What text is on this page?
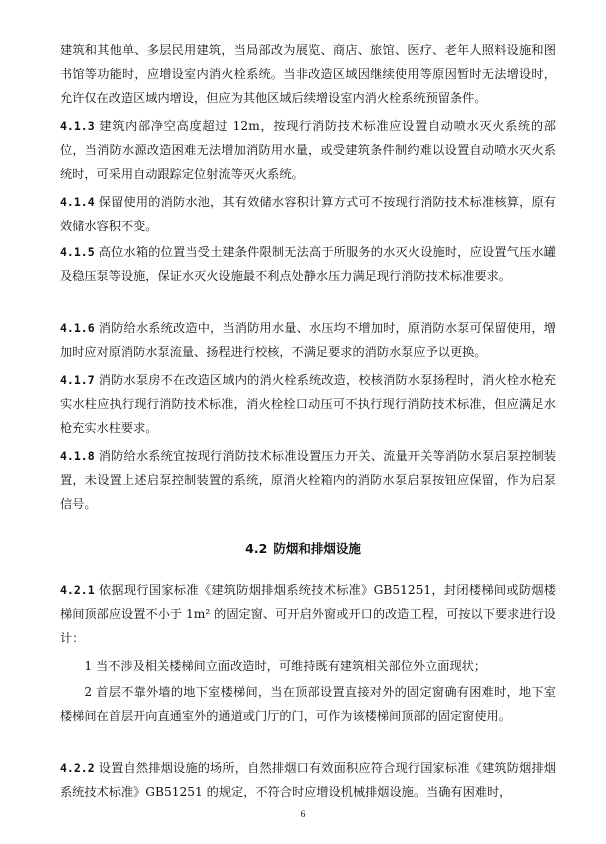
建筑和其他单、多层民用建筑，当局部改为展览、商店、旅馆、医疗、老年人照料设施和图书馆等功能时，应增设室内消火栓系统。当非改造区域因继续使用等原因暂时无法增设时，允许仅在改造区域内增设，但应为其他区域后续增设室内消火栓系统预留条件。

4.1.3 建筑内部净空高度超过 12m，按现行消防技术标准应设置自动喷水灭火系统的部位，当消防水源改造困难无法增加消防用水量，或受建筑条件制约难以设置自动喷水灭火系统时，可采用自动跟踪定位射流等灭火系统。

4.1.4 保留使用的消防水池，其有效储水容积计算方式可不按现行消防技术标准核算，原有效储水容积不变。

4.1.5 高位水箱的位置当受土建条件限制无法高于所服务的水灭火设施时，应设置气压水罐及稳压泵等设施，保证水灭火设施最不利点处静水压力满足现行消防技术标准要求。

4.1.6 消防给水系统改造中，当消防用水量、水压均不增加时，原消防水泵可保留使用，增加时应对原消防水泵流量、扬程进行校核，不满足要求的消防水泵应予以更换。

4.1.7 消防水泵房不在改造区域内的消火栓系统改造，校核消防水泵扬程时，消火栓水枪充实水柱应执行现行消防技术标准，消火栓栓口动压可不执行现行消防技术标准，但应满足水枪充实水柱要求。

4.1.8 消防给水系统宜按现行消防技术标准设置压力开关、流量开关等消防水泵启泵控制装置，未设置上述启泵控制装置的系统，原消火栓箱内的消防水泵启泵按钮应保留，作为启泵信号。

4.2 防烟和排烟设施

4.2.1 依据现行国家标准《建筑防烟排烟系统技术标准》GB51251，封闭楼梯间或防烟楼梯间顶部应设置不小于 1m² 的固定窗、可开启外窗或开口的改造工程，可按以下要求进行设计：

1 当不涉及相关楼梯间立面改造时，可维持既有建筑相关部位外立面现状；

2 首层不靠外墙的地下室楼梯间，当在顶部设置直接对外的固定窗确有困难时，地下室楼梯间在首层开向直通室外的通道或门厅的门，可作为该楼梯间顶部的固定窗使用。

4.2.2 设置自然排烟设施的场所，自然排烟口有效面积应符合现行国家标准《建筑防烟排烟系统技术标准》GB51251 的规定，不符合时应增设机械排烟设施。当确有困难时，

6
